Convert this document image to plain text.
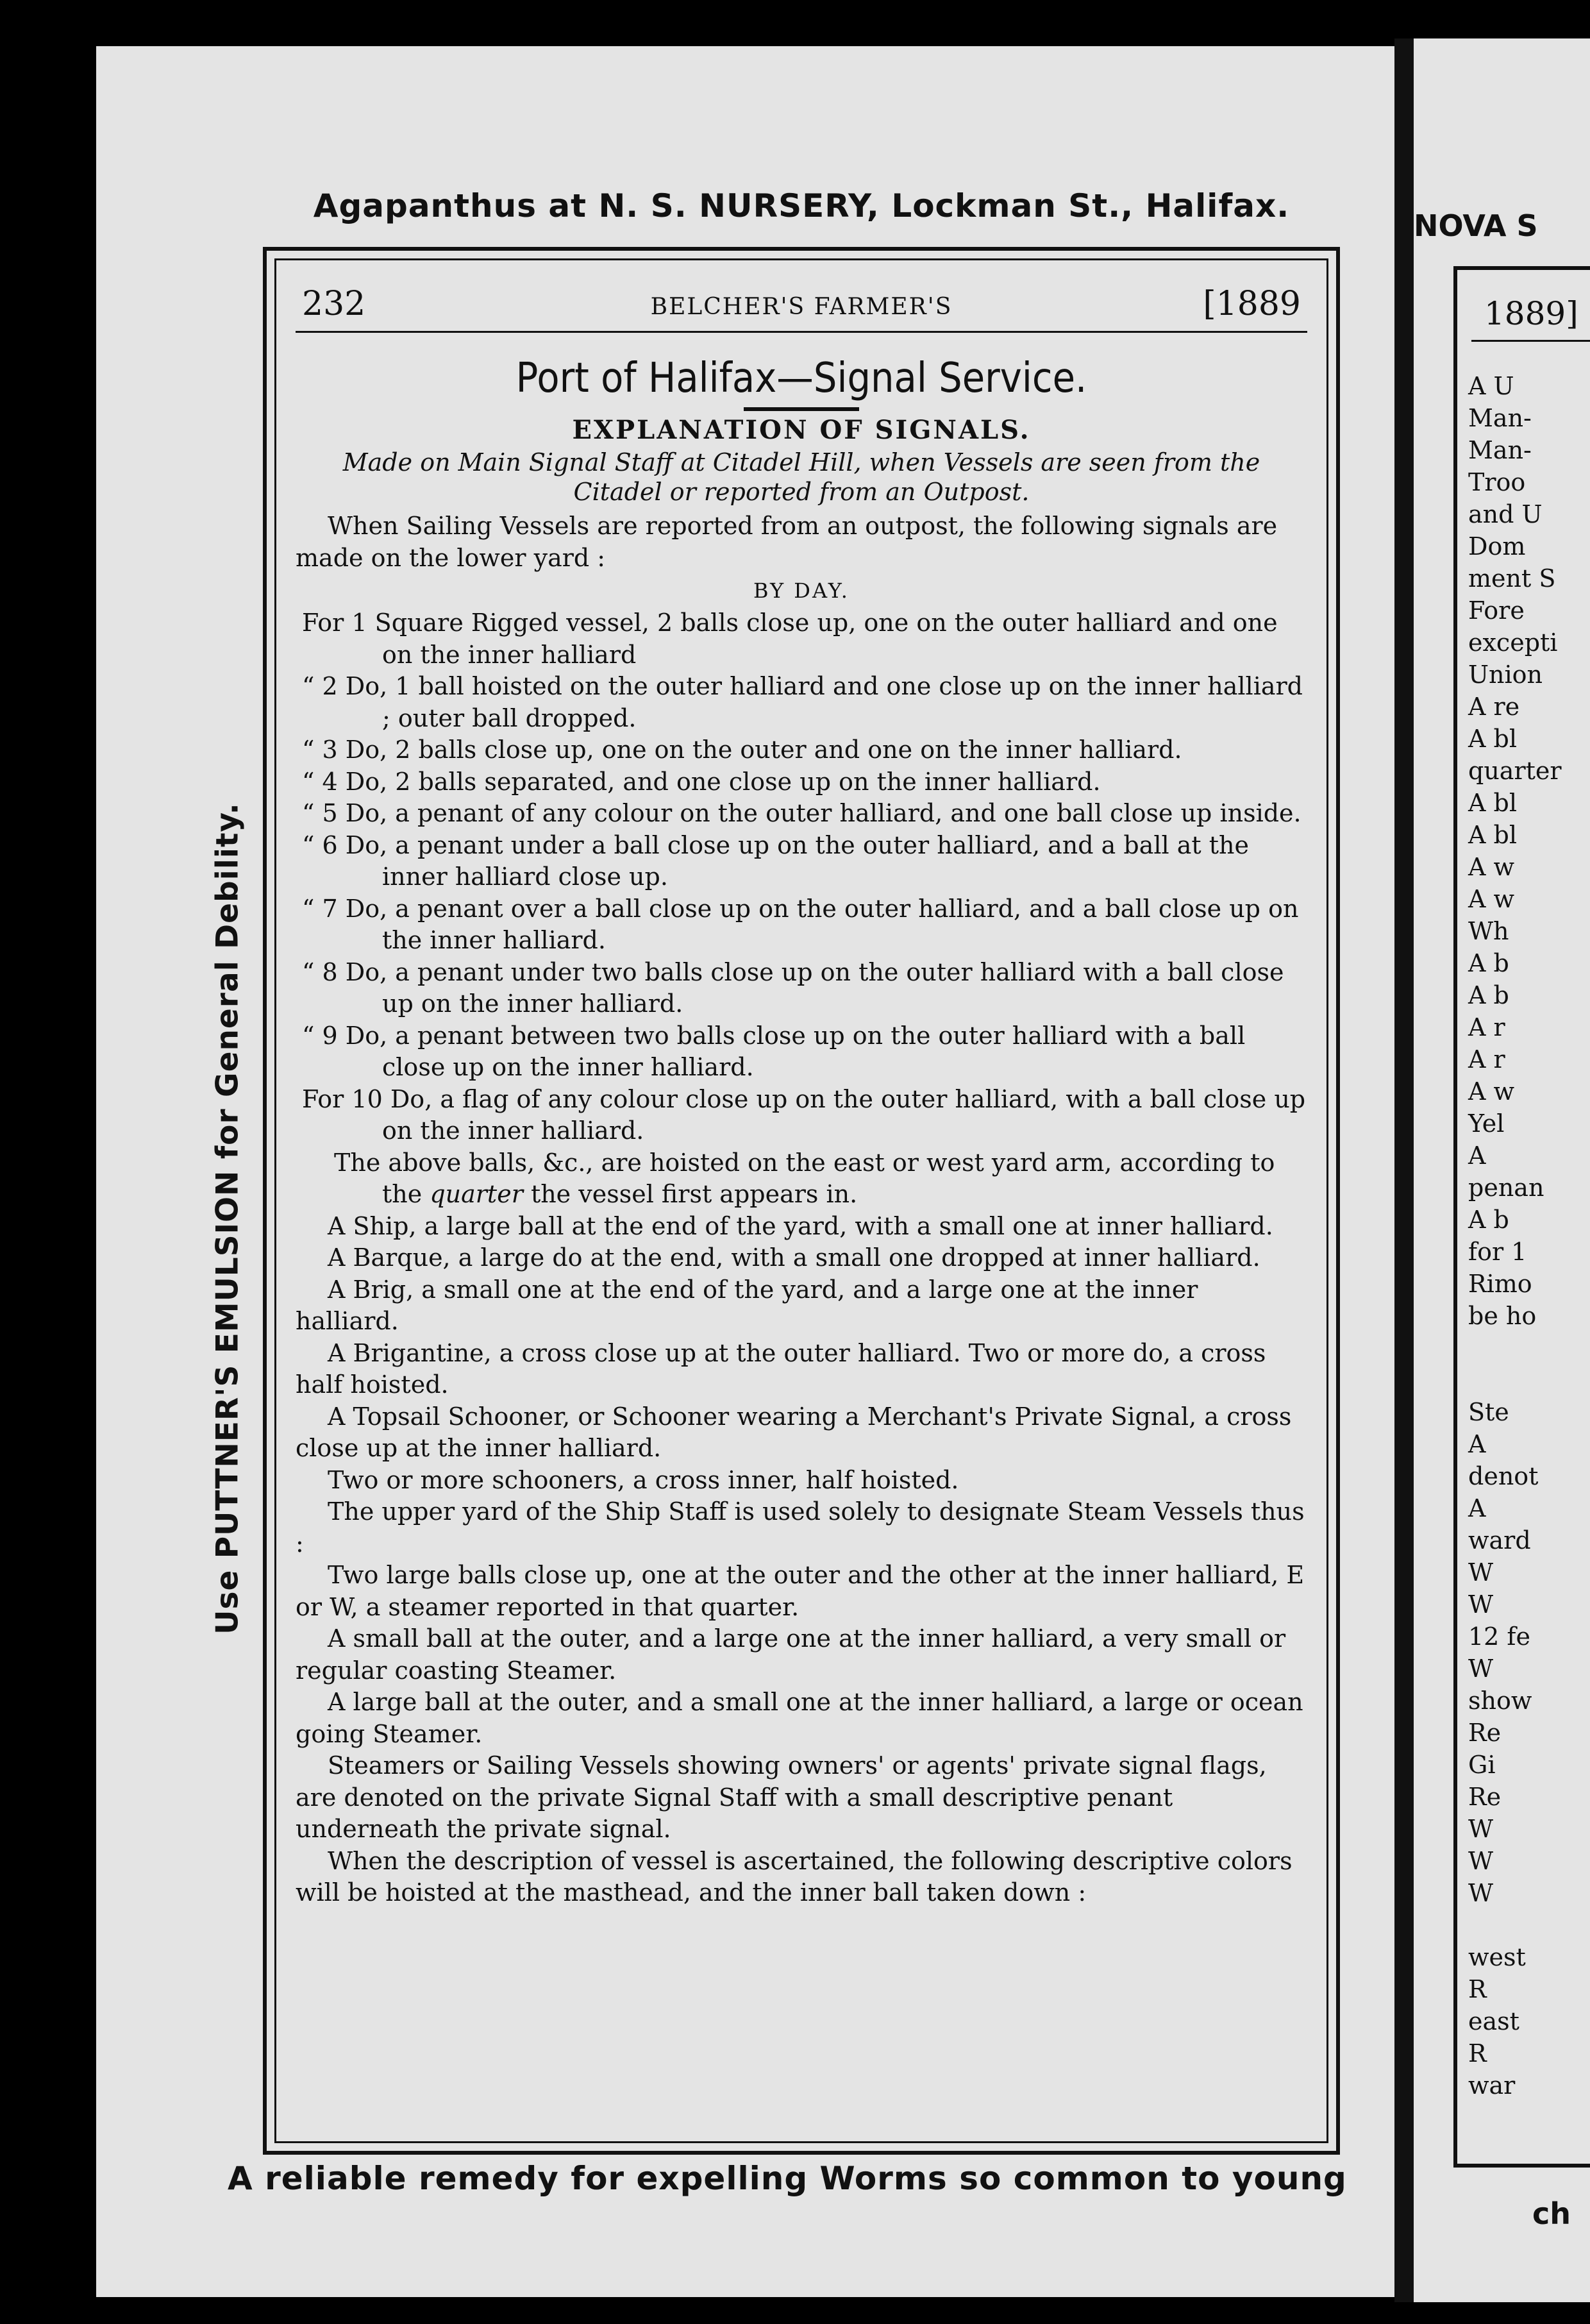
Agapanthus at N. S. NURSERY, Lockman St., Halifax.
Use PUTTNER'S EMULSION for General Debility.
A reliable remedy for expelling Worms so common to young
232	BELCHER'S FARMER'S	[1889
Port of Halifax—Signal Service.
EXPLANATION OF SIGNALS.
Made on Main Signal Staff at Citadel Hill, when Vessels are seen from the Citadel or reported from an Outpost.

When Sailing Vessels are reported from an outpost, the following signals are made on the lower yard :

BY DAY.

For 1 Square Rigged vessel, 2 balls close up, one on the outer halliard and one on the inner halliard

“ 2 Do, 1 ball hoisted on the outer halliard and one close up on the inner halliard ; outer ball dropped.

“ 3 Do, 2 balls close up, one on the outer and one on the inner halliard.

“ 4 Do, 2 balls separated, and one close up on the inner halliard.

“ 5 Do, a penant of any colour on the outer halliard, and one ball close up inside.

“ 6 Do, a penant under a ball close up on the outer halliard, and a ball at the inner halliard close up.

“ 7 Do, a penant over a ball close up on the outer halliard, and a ball close up on the inner halliard.

“ 8 Do, a penant under two balls close up on the outer halliard with a ball close up on the inner halliard.

“ 9 Do, a penant between two balls close up on the outer halliard with a ball close up on the inner halliard.

For 10 Do, a flag of any colour close up on the outer halliard, with a ball close up on the inner halliard.

The above balls, &c., are hoisted on the east or west yard arm, according to the quarter the vessel first appears in.

A Ship, a large ball at the end of the yard, with a small one at inner halliard.

A Barque, a large do at the end, with a small one dropped at inner halliard.

A Brig, a small one at the end of the yard, and a large one at the inner halliard.

A Brigantine, a cross close up at the outer halliard. Two or more do, a cross half hoisted.

A Topsail Schooner, or Schooner wearing a Merchant's Private Signal, a cross close up at the inner halliard.

Two or more schooners, a cross inner, half hoisted.

The upper yard of the Ship Staff is used solely to designate Steam Vessels thus :

Two large balls close up, one at the outer and the other at the inner halliard, E or W, a steamer reported in that quarter.

A small ball at the outer, and a large one at the inner halliard, a very small or regular coasting Steamer.

A large ball at the outer, and a small one at the inner halliard, a large or ocean going Steamer.

Steamers or Sailing Vessels showing owners' or agents' private signal flags, are denoted on the private Signal Staff with a small descriptive penant underneath the private signal.

When the description of vessel is ascertained, the following descriptive colors will be hoisted at the masthead, and the inner ball taken down :

NOVA S
1889]
A U
Man-
Man-
Troo
and U
Dom
ment S
Fore
excepti
Union
A re
A bl
quarter
A bl
A bl
A w
A w
Wh
A b
A b
A r
A r
A w
Yel
A
penan
A b
for 1
Rimo
be ho
Ste
A
denot
A
ward
W
W
12 fe
W
show
Re
Gi
Re
W
W
W
west
R
east
R
war
ch
